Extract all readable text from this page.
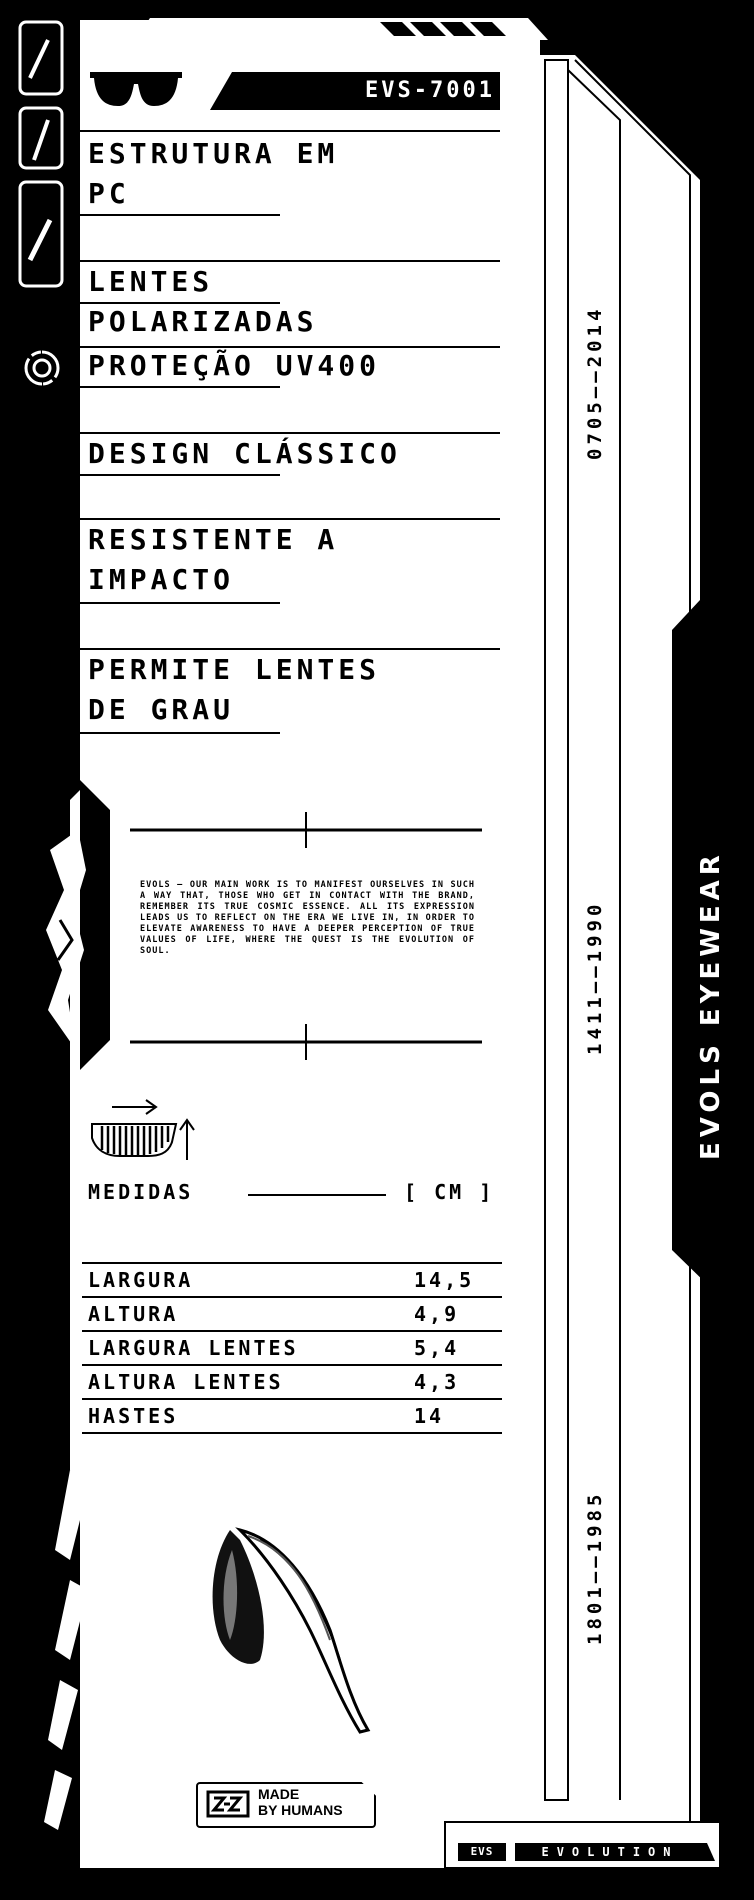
EVS-7001
ESTRUTURA EM
PC
LENTES
POLARIZADAS
PROTEÇÃO UV400
DESIGN CLÁSSICO
RESISTENTE A
IMPACTO
PERMITE LENTES
DE GRAU
EVOLS — OUR MAIN WORK IS TO MANIFEST OURSELVES IN SUCH A WAY THAT, THOSE WHO GET IN CONTACT WITH THE BRAND, REMEMBER ITS TRUE COSMIC ESSENCE. ALL ITS EXPRESSION LEADS US TO REFLECT ON THE ERA WE LIVE IN, IN ORDER TO ELEVATE AWARENESS TO HAVE A DEEPER PERCEPTION OF TRUE VALUES OF LIFE, WHERE THE QUEST IS THE EVOLUTION OF SOUL.
MEDIDAS	[ CM ]
LARGURA	14,5
ALTURA	4,9
LARGURA LENTES	5,4
ALTURA LENTES	4,3
HASTES	14
MADE
BY HUMANS
EVS	EVOLUTION
0705——2014
1411——1990
1801——1985
EVOLS EYEWEAR
